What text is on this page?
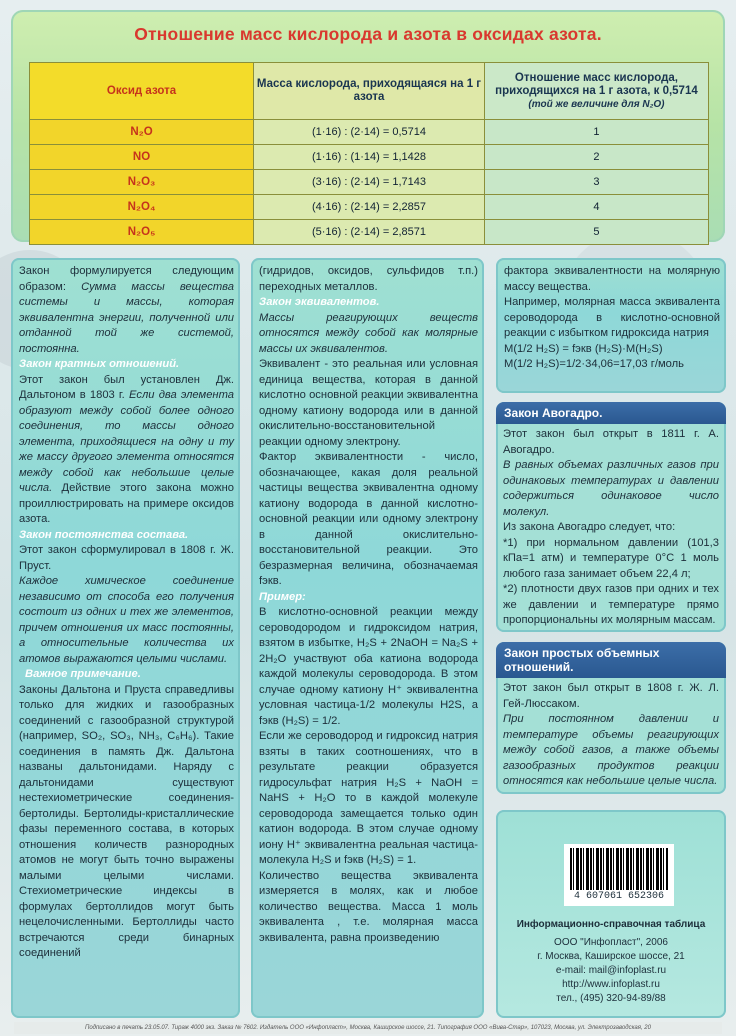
Отношение масс кислорода и азота в оксидах азота.
Оксид азота	Масса кислорода, приходящаяся на 1 г азота	Отношение масс кислорода, приходящихся на 1 г азота, к 0,5714
(той же величине для N₂O)
N₂O	(1·16) : (2·14) = 0,5714	1
NO	(1·16) : (1·14) = 1,1428	2
N₂O₃	(3·16) : (2·14) = 1,7143	3
N₂O₄	(4·16) : (2·14) = 2,2857	4
N₂O₅	(5·16) : (2·14) = 2,8571	5

Закон формулируется следующим образом: Сумма массы вещества системы и массы, которая эквивалентна энергии, полученной или отданной той же системой, постоянна.

Закон кратных отношений.

Этот закон был установлен Дж. Дальтоном в 1803 г. Если два элемента образуют между собой более одного соединения, то массы одного элемента, приходящиеся на одну и ту же массу другого элемента относятся между собой как небольшие целые числа. Действие этого закона можно проиллюстрировать на примере оксидов азота.

Закон постоянства состава.

Этот закон сформулировал в 1808 г. Ж. Пруст.

Каждое химическое соединение независимо от способа его получения состоит из одних и тех же элементов, причем отношения их масс постоянны, а относительные количества их атомов выражаются целыми числами.

Важное примечание.

Законы Дальтона и Пруста справедливы только для жидких и газообразных соединений с газообразной структурой (например, SO₂, SO₃, NH₃, C₆H₆). Такие соединения в память Дж. Дальтона названы дальтонидами. Наряду с дальтонидами существуют нестехиометрические соединения-бертолиды. Бертолиды-кристаллические фазы переменного состава, в которых отношения количеств разнородных атомов не могут быть точно выражены малыми целыми числами. Стехиометрические индексы в формулах бертоллидов могут быть нецелочисленными. Бертоллиды часто встречаются среди бинарных соединений

(гидридов, оксидов, сульфидов т.п.) переходных металлов.

Закон эквивалентов.

Массы реагирующих веществ относятся между собой как молярные массы их эквивалентов.

Эквивалент - это реальная или условная единица вещества, которая в данной кислотно основной реакции эквивалентна одному катиону водорода или в данной окислительно-восстановительной реакции одному электрону.

Фактор эквивалентности - число, обозначающее, какая доля реальной частицы вещества эквивалентна одному катиону водорода в данной кислотно-основной реакции или одному электрону в данной окислительно-восстановительной реакции. Это безразмерная величина, обозначаемая fэкв.

Пример:

В кислотно-основной реакции между сероводородом и гидроксидом натрия, взятом в избытке, H₂S + 2NaOH = Na₂S + 2H₂O участвуют оба катиона водорода каждой молекулы сероводорода. В этом случае одному катиону H⁺ эквивалентна условная частица-1/2 молекулы H2S, а fэкв (H₂S) = 1/2.

Если же сероводород и гидроксид натрия взяты в таких соотношениях, что в результате реакции образуется гидросульфат натрия H₂S + NaOH = NaHS + H₂O то в каждой молекуле сероводорода замещается только один катион водорода. В этом случае одному иону H⁺ эквивалентна реальная частица-молекула H₂S и fэкв (H₂S) = 1.

Количество вещества эквивалента измеряется в молях, как и любое количество вещества. Масса 1 моль эквивалента , т.е. молярная масса эквивалента, равна произведению

фактора эквивалентности на молярную массу вещества.

Например, молярная масса эквивалента сероводорода в кислотно-основной реакции с избытком гидроксида натрия

M(1/2 H₂S) = fэкв (H₂S)·M(H₂S)

M(1/2 H₂S)=1/2·34,06=17,03 г/моль

Закон Авогадро.

Этот закон был открыт в 1811 г. А. Авогадро.

В равных объемах различных газов при одинаковых температурах и давлении содержиться одинаковое число молекул.

Из закона Авогадро следует, что:

*1) при нормальном давлении (101,3 кПа=1 атм) и температуре 0°С 1 моль любого газа занимает объем 22,4 л;

*2) плотности двух газов при одних и тех же давлении и температуре прямо пропорциональны их молярным массам.

Закон простых объемных отношений.

Этот закон был открыт в 1808 г. Ж. Л. Гей-Люссаком.

При постоянном давлении и температуре объемы реагирующих между собой газов, а также объемы газообразных продуктов реакции относятся как небольшие целые числа.

4 607061 652306
Информационно-справочная таблица
ООО "Инфопласт", 2006
г. Москва, Каширское шоссе, 21
e-mail: mail@infoplast.ru
http://www.infoplast.ru
тел., (495) 320-94-89/88
Подписано в печать 23.05.07. Тираж 4000 экз. Заказ № 7602. Издатель ООО «Инфопласт», Москва, Каширское шоссе, 21. Типография ООО «Вива-Стар», 107023, Москва, ул. Электрозаводская, 20
